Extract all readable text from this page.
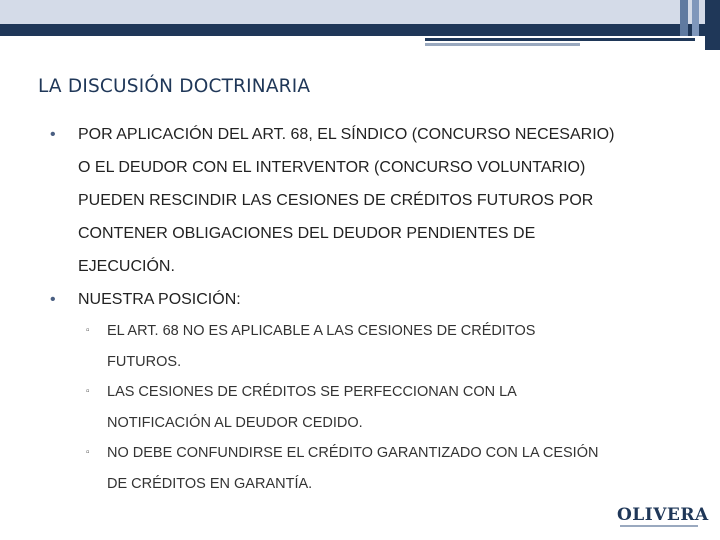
LA DISCUSIÓN DOCTRINARIA
• POR APLICACIÓN DEL ART. 68, EL SÍNDICO (CONCURSO NECESARIO)
O EL DEUDOR CON EL INTERVENTOR (CONCURSO VOLUNTARIO)
PUEDEN RESCINDIR LAS CESIONES DE CRÉDITOS FUTUROS POR
CONTENER OBLIGACIONES DEL DEUDOR PENDIENTES DE
EJECUCIÓN.
• NUESTRA POSICIÓN:
▫ EL ART. 68 NO ES APLICABLE A LAS CESIONES DE CRÉDITOS
FUTUROS.
▫ LAS CESIONES DE CRÉDITOS SE PERFECCIONAN CON LA
NOTIFICACIÓN AL DEUDOR CEDIDO.
▫ NO DEBE CONFUNDIRSE EL CRÉDITO GARANTIZADO CON LA CESIÓN
DE CRÉDITOS EN GARANTÍA.
OLIVERA
